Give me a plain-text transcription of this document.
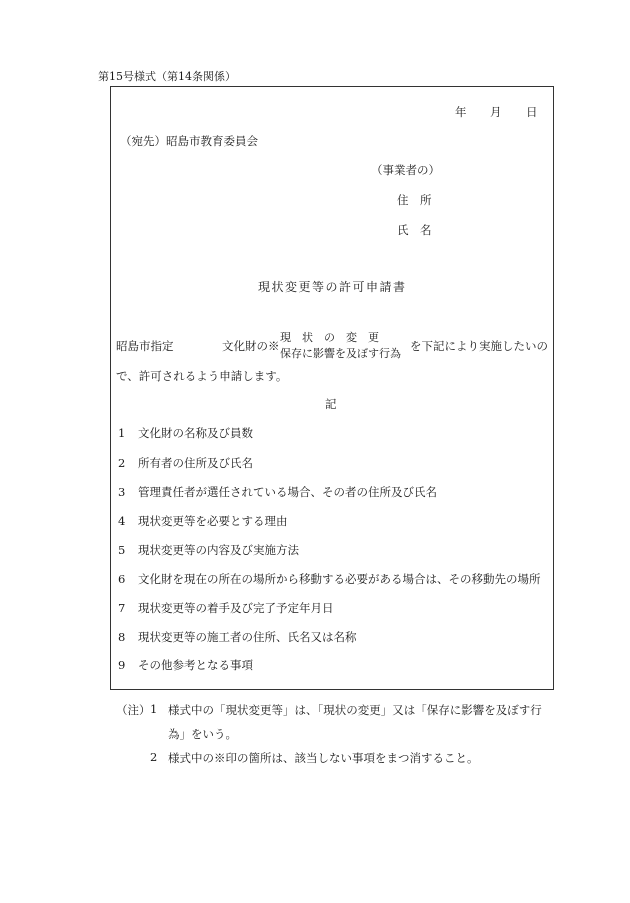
第15号様式（第14条関係）
年 月 日
（宛先）昭島市教育委員会
（事業者の）
住　所
氏　名
現状変更等の許可申請書
昭島市指定	文化財の※
現　状　の　変　更
保存に影響を及ぼす行為
を下記により実施したいの
で、許可されるよう申請します。
記
1 文化財の名称及び員数
2 所有者の住所及び氏名
3 管理責任者が選任されている場合、その者の住所及び氏名
4 現状変更等を必要とする理由
5 現状変更等の内容及び実施方法
6 文化財を現在の所在の場所から移動する必要がある場合は、その移動先の場所
7 現状変更等の着手及び完了予定年月日
8 現状変更等の施工者の住所、氏名又は名称
9 その他参考となる事項
（注） 1 様式中の「現状変更等」は、「現状の変更」又は「保存に影響を及ぼす行
為」をいう。
2 様式中の※印の箇所は、該当しない事項をまつ消すること。
